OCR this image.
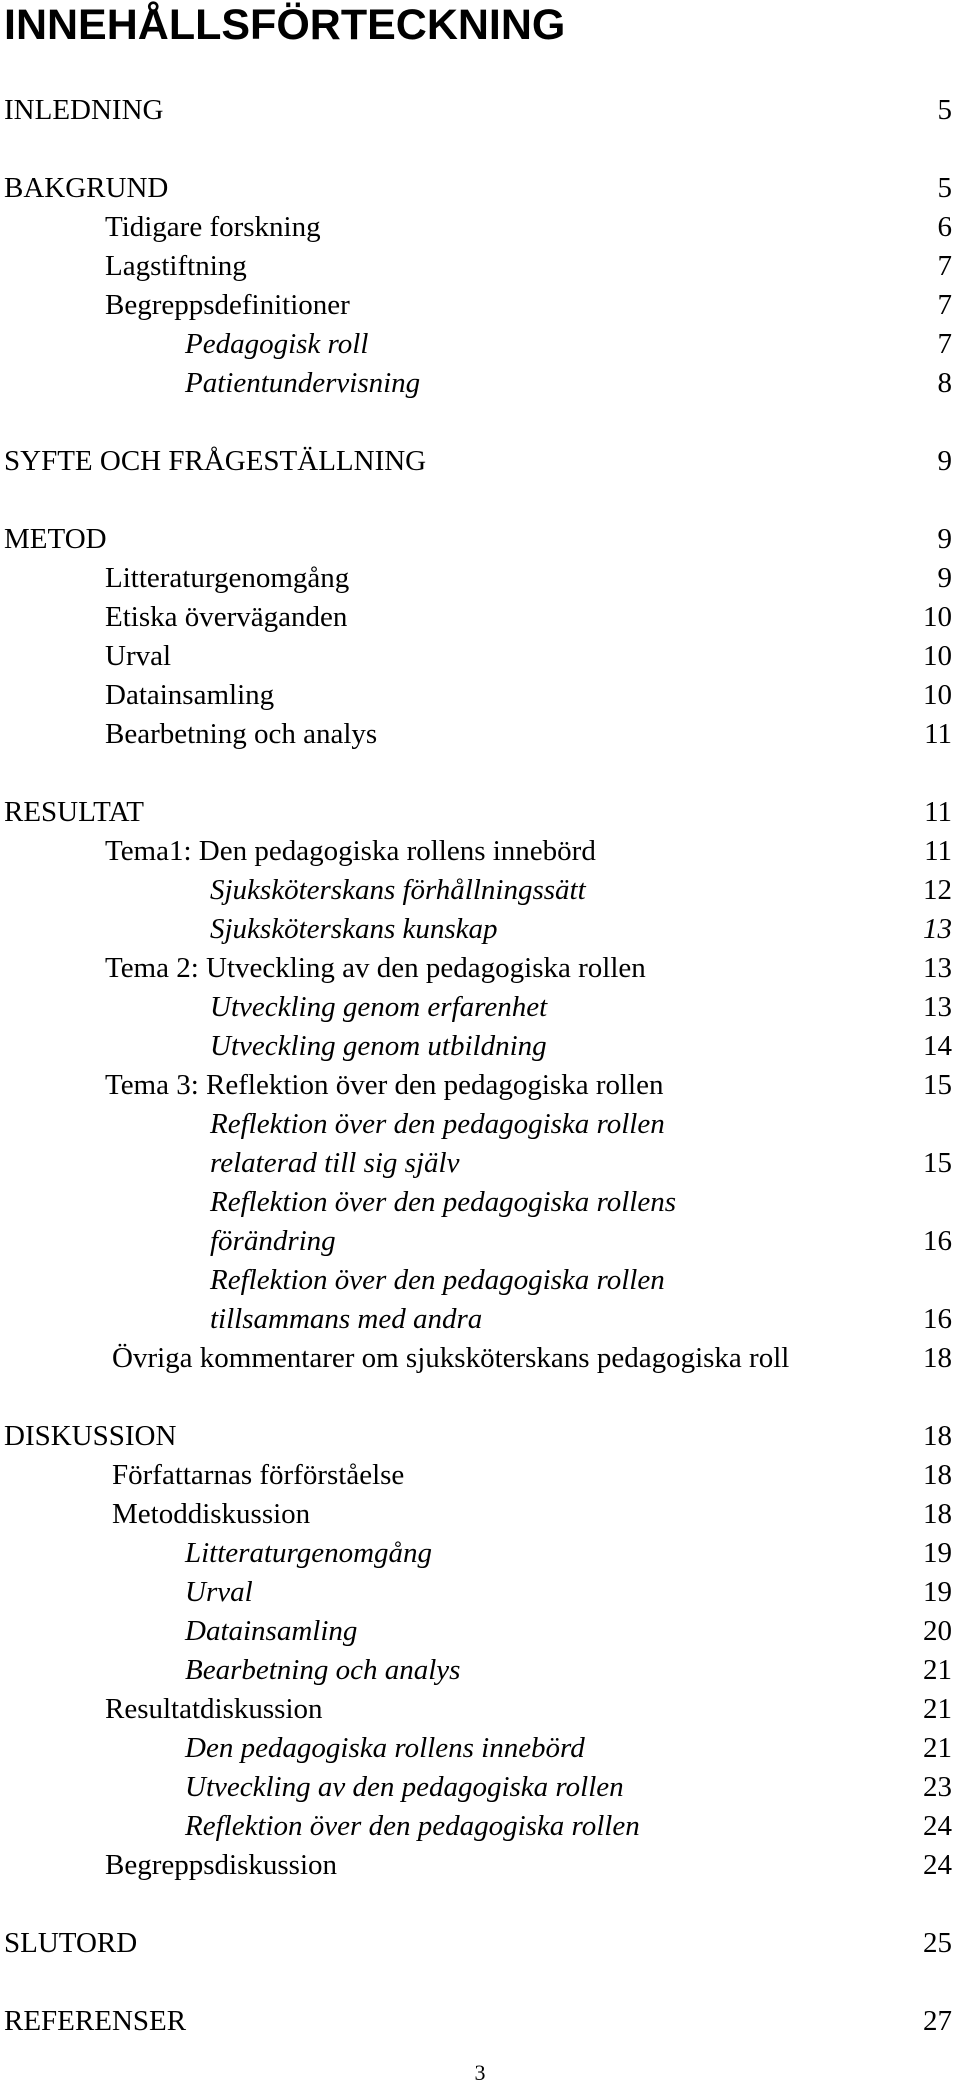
INNEHÅLLSFÖRTECKNING
INLEDNING	5
BAKGRUND	5
Tidigare forskning	6
Lagstiftning	7
Begreppsdefinitioner	7
Pedagogisk roll	7
Patientundervisning	8
SYFTE OCH FRÅGESTÄLLNING	9
METOD	9
Litteraturgenomgång	9
Etiska överväganden	10
Urval	10
Datainsamling	10
Bearbetning och analys	11
RESULTAT	11
Tema1: Den pedagogiska rollens innebörd	11
Sjuksköterskans förhållningssätt	12
Sjuksköterskans kunskap	13
Tema 2: Utveckling av den pedagogiska rollen	13
Utveckling genom erfarenhet	13
Utveckling genom utbildning	14
Tema 3: Reflektion över den pedagogiska rollen	15
Reflektion över den pedagogiska rollen
relaterad till sig själv	15
Reflektion över den pedagogiska rollens
förändring	16
Reflektion över den pedagogiska rollen
tillsammans med andra	16
Övriga kommentarer om sjuksköterskans pedagogiska roll	18
DISKUSSION	18
Författarnas förförståelse	18
Metoddiskussion	18
Litteraturgenomgång	19
Urval	19
Datainsamling	20
Bearbetning och analys	21
Resultatdiskussion	21
Den pedagogiska rollens innebörd	21
Utveckling av den pedagogiska rollen	23
Reflektion över den pedagogiska rollen	24
Begreppsdiskussion	24
SLUTORD	25
REFERENSER	27
3
